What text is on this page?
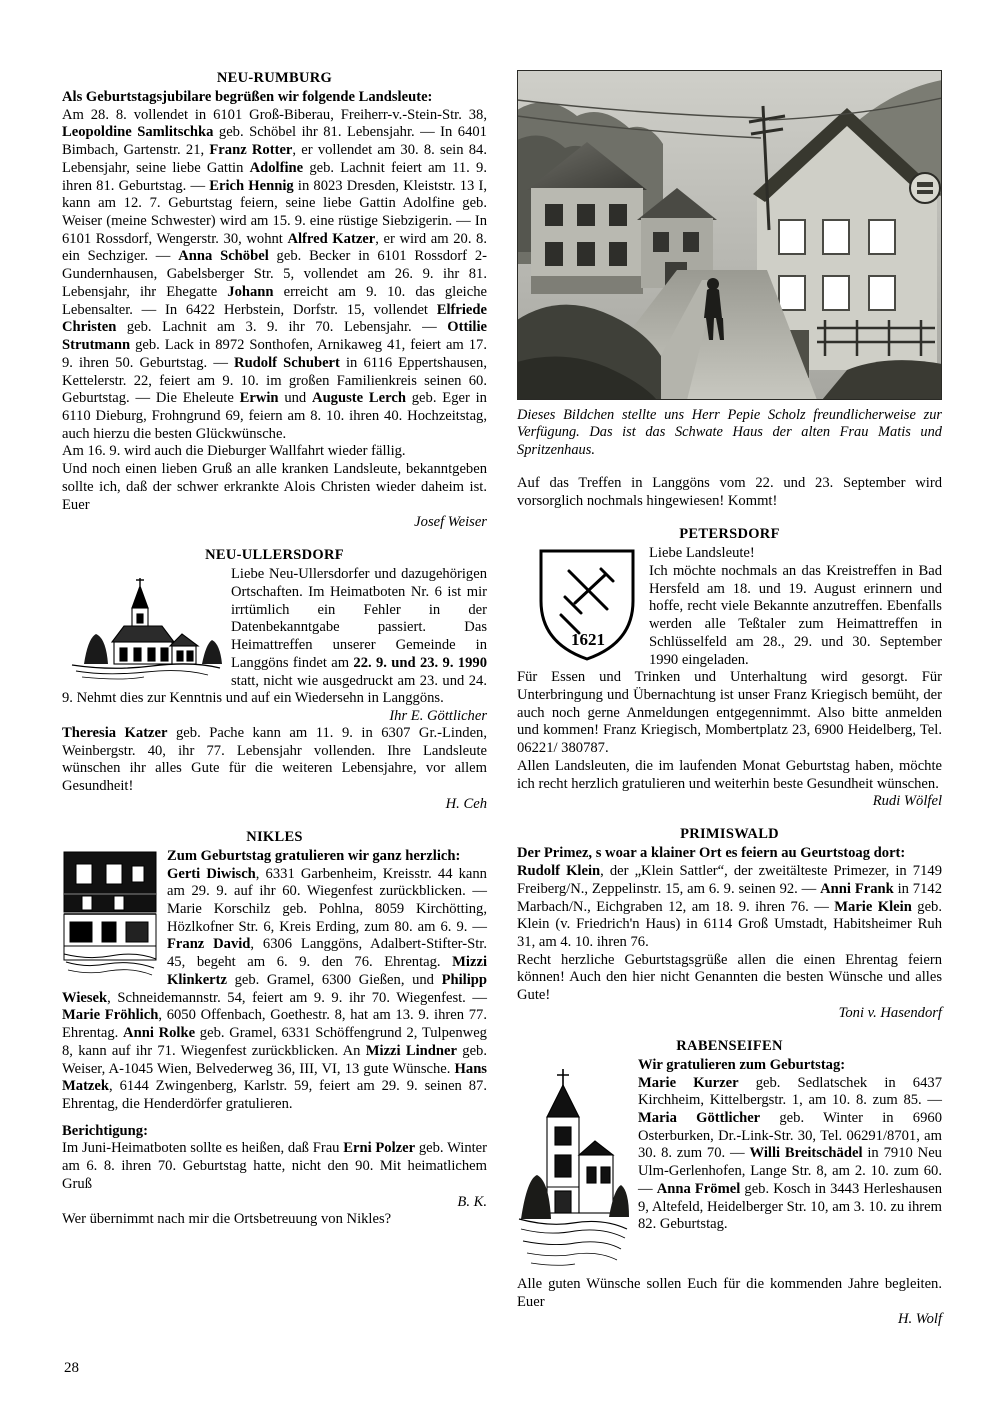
NEU-RUMBURG
Als Geburtstagsjubilare begrüßen wir folgende Landsleute:
Am 28. 8. vollendet in 6101 Groß-Biberau, Freiherr-v.-Stein-Str. 38, Leopoldine Samlitschka geb. Schöbel ihr 81. Lebensjahr. — In 6401 Bimbach, Gartenstr. 21, Franz Rotter, er vollendet am 30. 8. sein 84. Lebensjahr, seine liebe Gattin Adolfine geb. Lachnit feiert am 11. 9. ihren 81. Geburtstag. — Erich Hennig in 8023 Dresden, Kleiststr. 13 I, kann am 12. 7. Geburtstag feiern, seine liebe Gattin Adolfine geb. Weiser (meine Schwester) wird am 15. 9. eine rüstige Siebzigerin. — In 6101 Rossdorf, Wengerstr. 30, wohnt Alfred Katzer, er wird am 20. 8. ein Sechziger. — Anna Schöbel geb. Becker in 6101 Rossdorf 2-Gundernhausen, Gabelsberger Str. 5, vollendet am 26. 9. ihr 81. Lebensjahr, ihr Ehegatte Johann erreicht am 9. 10. das gleiche Lebensalter. — In 6422 Herbstein, Dorfstr. 15, vollendet Elfriede Christen geb. Lachnit am 3. 9. ihr 70. Lebensjahr. — Ottilie Strutmann geb. Lack in 8972 Sonthofen, Arnikaweg 41, feiert am 17. 9. ihren 50. Geburtstag. — Rudolf Schubert in 6116 Eppertshausen, Kettelerstr. 22, feiert am 9. 10. im großen Familienkreis seinen 60. Geburtstag. — Die Eheleute Erwin und Auguste Lerch geb. Eger in 6110 Dieburg, Frohngrund 69, feiern am 8. 10. ihren 40. Hochzeitstag, auch hierzu die besten Glückwünsche.
Am 16. 9. wird auch die Dieburger Wallfahrt wieder fällig.
Und noch einen lieben Gruß an alle kranken Landsleute, bekanntgeben sollte ich, daß der schwer erkrankte Alois Christen wieder daheim ist. Euer
Josef Weiser
NEU-ULLERSDORF
Liebe Neu-Ullersdorfer und dazugehörigen Ortschaften. Im Heimatboten Nr. 6 ist mir irrtümlich ein Fehler in der Datenbekanntgabe passiert. Das Heimattreffen unserer Gemeinde in Langgöns findet am 22. 9. und 23. 9. 1990 statt, nicht wie ausgedruckt am 23. und 24. 9. Nehmt dies zur Kenntnis und auf ein Wiedersehn in Langgöns.
Ihr E. Göttlicher
Theresia Katzer geb. Pache kann am 11. 9. in 6307 Gr.-Linden, Weinbergstr. 40, ihr 77. Lebensjahr vollenden. Ihre Landsleute wünschen ihr alles Gute für die weiteren Lebensjahre, vor allem Gesundheit!
H. Ceh
NIKLES
Zum Geburtstag gratulieren wir ganz herzlich:
Gerti Diwisch, 6331 Garbenheim, Kreisstr. 44 kann am 29. 9. auf ihr 60. Wiegenfest zurückblicken. — Marie Korschilz geb. Pohlna, 8059 Kirchötting, Hözlkofner Str. 6, Kreis Erding, zum 80. am 6. 9. — Franz David, 6306 Langgöns, Adalbert-Stifter-Str. 45, begeht am 6. 9. den 76. Ehrentag. Mizzi Klinkertz geb. Gramel, 6300 Gießen, und Philipp Wiesek, Schneidemannstr. 54, feiert am 9. 9. ihr 70. Wiegenfest. — Marie Fröhlich, 6050 Offenbach, Goethestr. 8, hat am 13. 9. ihren 77. Ehrentag. Anni Rolke geb. Gramel, 6331 Schöffengrund 2, Tulpenweg 8, kann auf ihr 71. Wiegenfest zurückblicken. An Mizzi Lindner geb. Weiser, A-1045 Wien, Belvederweg 36, III, VI, 13 gute Wünsche. Hans Matzek, 6144 Zwingenberg, Karlstr. 59, feiert am 29. 9. seinen 87. Ehrentag, die Henderdörfer gratulieren.
Berichtigung:
Im Juni-Heimatboten sollte es heißen, daß Frau Erni Polzer geb. Winter am 6. 8. ihren 70. Geburtstag hatte, nicht den 90. Mit heimatlichem Gruß
B. K.
Wer übernimmt nach mir die Ortsbetreuung von Nikles?
Dieses Bildchen stellte uns Herr Pepie Scholz freundlicherweise zur Verfügung. Das ist das Schwate Haus der alten Frau Matis und Spritzenhaus.
Auf das Treffen in Langgöns vom 22. und 23. September wird vorsorglich nochmals hingewiesen! Kommt!
PETERSDORF
1621
Liebe Landsleute!
Ich möchte nochmals an das Kreistreffen in Bad Hersfeld am 18. und 19. August erinnern und hoffe, recht viele Bekannte anzutreffen. Ebenfalls werden alle Teßtaler zum Heimattreffen in Schlüsselfeld am 28., 29. und 30. September 1990 eingeladen.
Für Essen und Trinken und Unterhaltung wird gesorgt. Für Unterbringung und Übernachtung ist unser Franz Kriegisch bemüht, der auch noch gerne Anmeldungen entgegennimmt. Also bitte anmelden und kommen! Franz Kriegisch, Mombertplatz 23, 6900 Heidelberg, Tel. 06221/ 380787.
Allen Landsleuten, die im laufenden Monat Geburtstag haben, möchte ich recht herzlich gratulieren und weiterhin beste Gesundheit wünschen.
Rudi Wölfel
PRIMISWALD
Der Primez, s woar a klainer Ort es feiern au Geurtstoag dort:
Rudolf Klein, der „Klein Sattler“, der zweitälteste Primezer, in 7149 Freiberg/N., Zeppelinstr. 15, am 6. 9. seinen 92. — Anni Frank in 7142 Marbach/N., Eichgraben 12, am 18. 9. ihren 76. — Marie Klein geb. Klein (v. Friedrich'n Haus) in 6114 Groß Umstadt, Habitsheimer Ruh 31, am 4. 10. ihren 76.
Recht herzliche Geburtstagsgrüße allen die einen Ehrentag feiern können! Auch den hier nicht Genannten die besten Wünsche und alles Gute!
Toni v. Hasendorf
RABENSEIFEN
Wir gratulieren zum Geburtstag:
Marie Kurzer geb. Sedlatschek in 6437 Kirchheim, Kittelbergstr. 1, am 10. 8. zum 85. — Maria Göttlicher geb. Winter in 6960 Osterburken, Dr.-Link-Str. 30, Tel. 06291/8701, am 30. 8. zum 70. — Willi Breitschädel in 7910 Neu Ulm-Gerlenhofen, Lange Str. 8, am 2. 10. zum 60. — Anna Frömel geb. Kosch in 3443 Herleshausen 9, Altefeld, Heidelberger Str. 10, am 3. 10. zu ihrem 82. Geburtstag.
Alle guten Wünsche sollen Euch für die kommenden Jahre begleiten. Euer
H. Wolf
28
